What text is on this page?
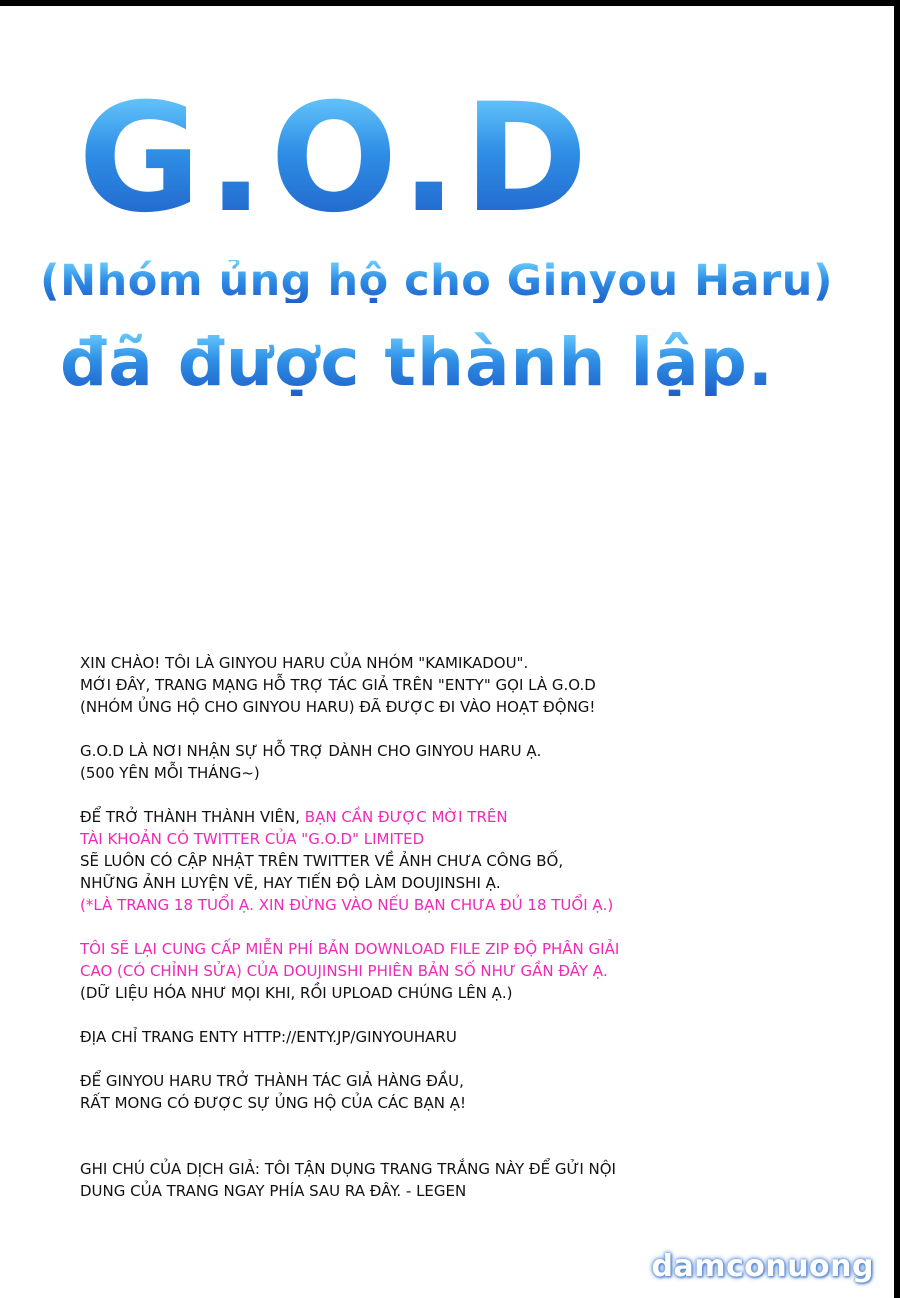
G.O.D
(Nhóm ủng hộ cho Ginyou Haru)
đã được thành lập.
XIN CHÀO! TÔI LÀ GINYOU HARU CỦA NHÓM "KAMIKADOU".
MỚI ĐÂY, TRANG MẠNG HỖ TRỢ TÁC GIẢ TRÊN "ENTY" GỌI LÀ G.O.D
(NHÓM ỦNG HỘ CHO GINYOU HARU) ĐÃ ĐƯỢC ĐI VÀO HOẠT ĐỘNG!
G.O.D LÀ NƠI NHẬN SỰ HỖ TRỢ DÀNH CHO GINYOU HARU Ạ.
(500 YÊN MỖI THÁNG~)
ĐỂ TRỞ THÀNH THÀNH VIÊN, BẠN CẦN ĐƯỢC MỜI TRÊN
TÀI KHOẢN CÓ TWITTER CỦA "G.O.D" LIMITED
SẼ LUÔN CÓ CẬP NHẬT TRÊN TWITTER VỀ ẢNH CHƯA CÔNG BỐ,
NHỮNG ẢNH LUYỆN VẼ, HAY TIẾN ĐỘ LÀM DOUJINSHI Ạ.
(*LÀ TRANG 18 TUỔI Ạ. XIN ĐỪNG VÀO NẾU BẠN CHƯA ĐỦ 18 TUỔI Ạ.)
TÔI SẼ LẠI CUNG CẤP MIỄN PHÍ BẢN DOWNLOAD FILE ZIP ĐỘ PHÂN GIẢI
CAO (CÓ CHỈNH SỬA) CỦA DOUJINSHI PHIÊN BẢN SỐ NHƯ GẦN ĐÂY Ạ.
(DỮ LIỆU HÓA NHƯ MỌI KHI, RỒI UPLOAD CHÚNG LÊN Ạ.)
ĐỊA CHỈ TRANG ENTY HTTP://ENTY.JP/GINYOUHARU
ĐỂ GINYOU HARU TRỞ THÀNH TÁC GIẢ HÀNG ĐẦU,
RẤT MONG CÓ ĐƯỢC SỰ ỦNG HỘ CỦA CÁC BẠN Ạ!
GHI CHÚ CỦA DỊCH GIẢ: TÔI TẬN DỤNG TRANG TRẮNG NÀY ĐỂ GỬI NỘI
DUNG CỦA TRANG NGAY PHÍA SAU RA ĐÂY. - LEGEN
damconuong
